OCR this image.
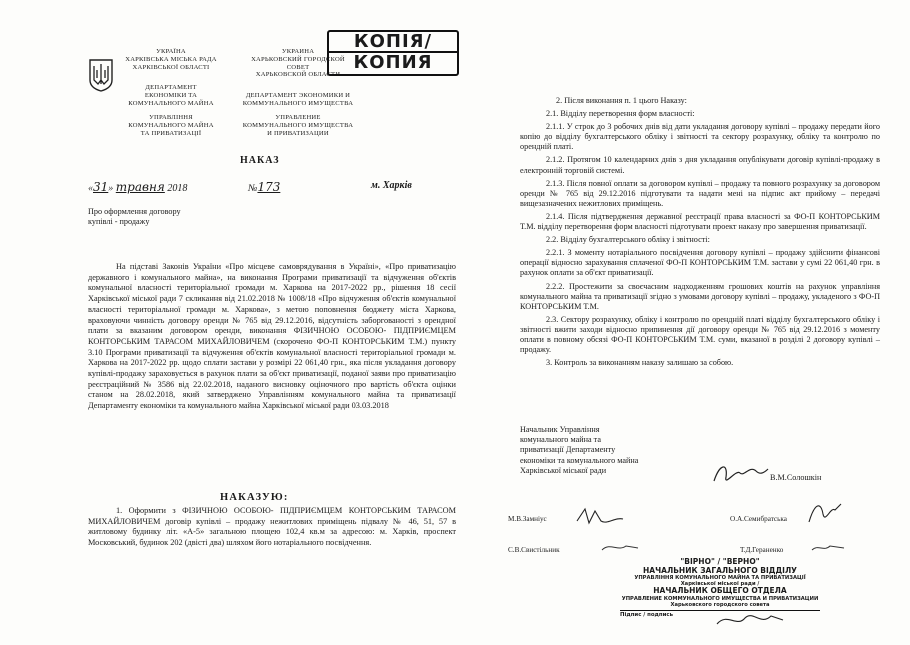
УКРАЇНА
ХАРКІВСЬКА МІСЬКА РАДА
ХАРКІВСЬКОЇ ОБЛАСТІ
УКРАИНА
ХАРЬКОВСКИЙ ГОРОДСКОЙ
СОВЕТ
ХАРЬКОВСКОЙ ОБЛАСТИ
ДЕПАРТАМЕНТ
ЕКОНОМІКИ ТА
КОМУНАЛЬНОГО МАЙНА
ДЕПАРТАМЕНТ ЭКОНОМИКИ И
КОММУНАЛЬНОГО ИМУЩЕСТВА
УПРАВЛІННЯ
КОМУНАЛЬНОГО МАЙНА
ТА ПРИВАТИЗАЦІЇ
УПРАВЛЕНИЕ
КОММУНАЛЬНОГО ИМУЩЕСТВА
И ПРИВАТИЗАЦИИ
НАКАЗ
«31» травня 2018	№173	м. Харків
Про оформлення договору
купівлі - продажу

На підставі Законів України «Про місцеве самоврядування в Україні», «Про приватизацію державного і комунального майна», на виконання Програми приватизації та відчуження об'єктів комунальної власності територіальної громади м. Харкова на 2017-2022 рр., рішення 18 сесії Харківської міської ради 7 скликання від 21.02.2018 № 1008/18 «Про відчуження об'єктів комунальної власності територіальної громади м. Харкова», з метою поповнення бюджету міста Харкова, враховуючи чинність договору оренди № 765 від 29.12.2016, відсутність заборгованості з орендної плати за вказаним договором оренди, виконання ФІЗИЧНОЮ ОСОБОЮ- ПІДПРИЄМЦЕМ КОНТОРСЬКИМ ТАРАСОМ МИХАЙЛОВИЧЕМ (скорочено ФО-П КОНТОРСЬКИМ Т.М.) пункту 3.10 Програми приватизації та відчуження об'єктів комунальної власності територіальної громади м. Харкова на 2017-2022 рр. щодо сплати застави у розмірі 22 061,40 грн., яка після укладання договору купівлі-продажу зараховується в рахунок плати за об'єкт приватизації, поданої заяви про приватизацію реєстраційний № 3586 від 22.02.2018, наданого висновку оціночного про вартість об'єкта оцінки станом на 28.02.2018, який затверджено Управлінням комунального майна та приватизації Департаменту економіки та комунального майна Харківської міської ради 03.03.2018

НАКАЗУЮ:

1. Оформити з ФІЗИЧНОЮ ОСОБОЮ- ПІДПРИЄМЦЕМ КОНТОРСЬКИМ ТАРАСОМ МИХАЙЛОВИЧЕМ договір купівлі – продажу нежитлових приміщень підвалу № 46, 51, 57 в житловому будинку літ. «А-5» загальною площею 102,4 кв.м за адресою: м. Харків, проспект Московський, будинок 202 (двісті два) шляхом його нотаріального посвідчення.

КОПІЯ/
КОПИЯ

2. Після виконання п. 1 цього Наказу:

2.1. Відділу перетворення форм власності:

2.1.1. У строк до 3 робочих днів від дати укладання договору купівлі – продажу передати його копію до відділу бухгалтерського обліку і звітності та сектору розрахунку, обліку та контролю по орендній платі.

2.1.2. Протягом 10 календарних днів з дня укладання опублікувати договір купівлі-продажу в електронній торговій системі.

2.1.3. Після повної оплати за договором купівлі – продажу та повного розрахунку за договором оренди № 765 від 29.12.2016 підготувати та надати мені на підпис акт прийому – передачі вищезазначених нежитлових приміщень.

2.1.4. Після підтвердження державної реєстрації права власності за ФО-П КОНТОРСЬКИМ Т.М. відділу перетворення форм власності підготувати проект наказу про завершення приватизації.

2.2. Відділу бухгалтерського обліку і звітності:

2.2.1. З моменту нотаріального посвідчення договору купівлі – продажу здійснити фінансові операції відносно зарахування сплаченої ФО-П КОНТОРСЬКИМ Т.М. застави у сумі 22 061,40 грн. в рахунок оплати за об'єкт приватизації.

2.2.2. Простежити за своєчасним надходженням грошових коштів на рахунок управління комунального майна та приватизації згідно з умовами договору купівлі – продажу, укладеного з ФО-П КОНТОРСЬКИМ Т.М.

2.3. Сектору розрахунку, обліку і контролю по орендній платі відділу бухгалтерського обліку і звітності вжити заходи відносно припинення дії договору оренди № 765 від 29.12.2016 з моменту оплати в повному обсязі ФО-П КОНТОРСЬКИМ Т.М. суми, вказаної в розділі 2 договору купівлі – продажу.

3. Контроль за виконанням наказу залишаю за собою.

Начальник Управління
комунального майна та
приватизації Департаменту
економіки та комунального майна
Харківської міської ради
В.М.Солошкін
М.В.Замніус	О.А.Семибратська
С.В.Свистільник	Т.Д.Гераненко
"ВІРНО" / "ВЕРНО"
НАЧАЛЬНИК ЗАГАЛЬНОГО ВІДДІЛУ
УПРАВЛІННЯ КОМУНАЛЬНОГО МАЙНА ТА ПРИВАТИЗАЦІЇ
Харківської міської ради /
НАЧАЛЬНИК ОБЩЕГО ОТДЕЛА
УПРАВЛЕНИЕ КОММУНАЛЬНОГО ИМУЩЕСТВА И ПРИВАТИЗАЦИИ
Харьковского городского совета
Підпис / подпись
